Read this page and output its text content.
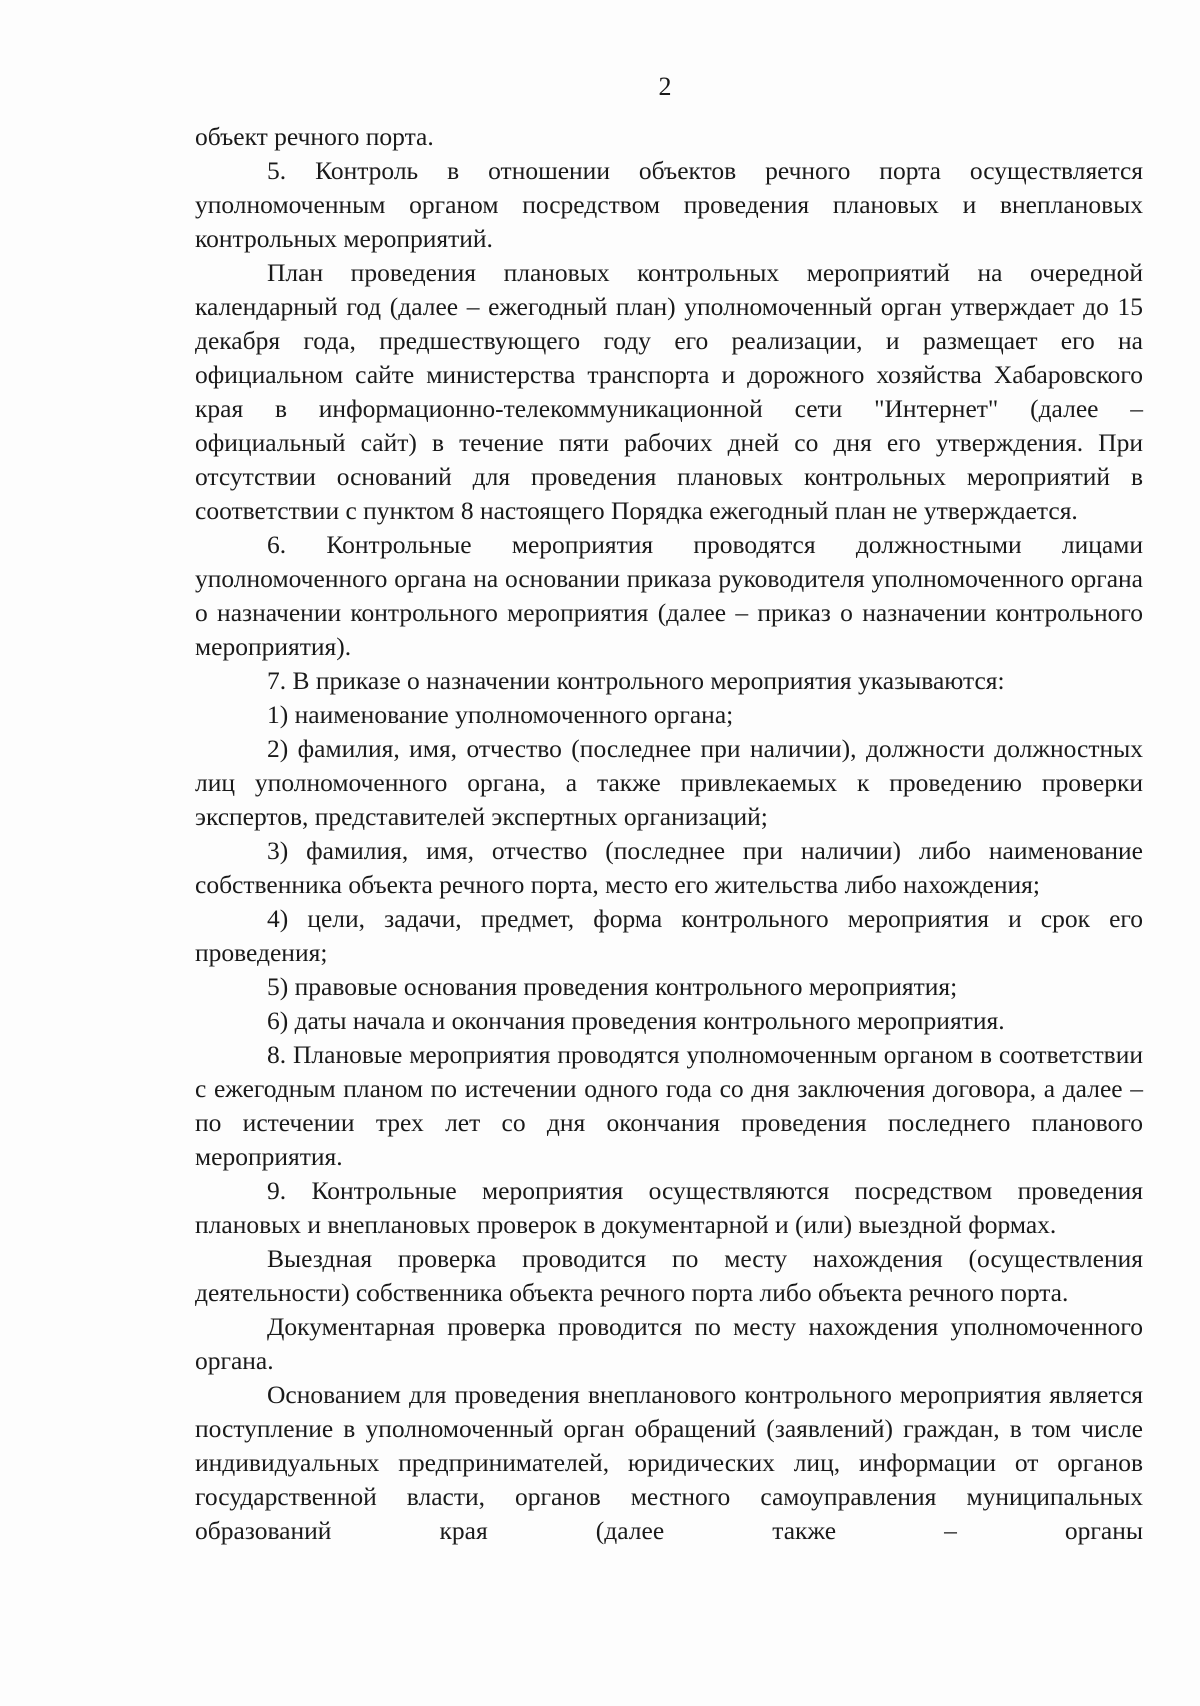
2

объект речного порта.

5. Контроль в отношении объектов речного порта осуществляется уполномоченным органом посредством проведения плановых и внеплановых контрольных мероприятий.

План проведения плановых контрольных мероприятий на очередной календарный год (далее – ежегодный план) уполномоченный орган утверждает до 15 декабря года, предшествующего году его реализации, и размещает его на официальном сайте министерства транспорта и дорожного хозяйства Хабаровского края в информационно-телекоммуникационной сети "Интернет" (далее – официальный сайт) в течение пяти рабочих дней со дня его утверждения. При отсутствии оснований для проведения плановых контрольных мероприятий в соответствии с пунктом 8 настоящего Порядка ежегодный план не утверждается.

6. Контрольные мероприятия проводятся должностными лицами уполномоченного органа на основании приказа руководителя уполномоченного органа о назначении контрольного мероприятия (далее – приказ о назначении контрольного мероприятия).

7. В приказе о назначении контрольного мероприятия указываются:

1) наименование уполномоченного органа;

2) фамилия, имя, отчество (последнее при наличии), должности должностных лиц уполномоченного органа, а также привлекаемых к проведению проверки экспертов, представителей экспертных организаций;

3) фамилия, имя, отчество (последнее при наличии) либо наименование собственника объекта речного порта, место его жительства либо нахождения;

4) цели, задачи, предмет, форма контрольного мероприятия и срок его проведения;

5) правовые основания проведения контрольного мероприятия;

6) даты начала и окончания проведения контрольного мероприятия.

8. Плановые мероприятия проводятся уполномоченным органом в соответствии с ежегодным планом по истечении одного года со дня заключения договора, а далее – по истечении трех лет со дня окончания проведения последнего планового мероприятия.

9. Контрольные мероприятия осуществляются посредством проведения плановых и внеплановых проверок в документарной и (или) выездной формах.

Выездная проверка проводится по месту нахождения (осуществления деятельности) собственника объекта речного порта либо объекта речного порта.

Документарная проверка проводится по месту нахождения уполномоченного органа.

Основанием для проведения внепланового контрольного мероприятия является поступление в уполномоченный орган обращений (заявлений) граждан, в том числе индивидуальных предпринимателей, юридических лиц, информации от органов государственной власти, органов местного самоуправления муниципальных образований края (далее также – органы
